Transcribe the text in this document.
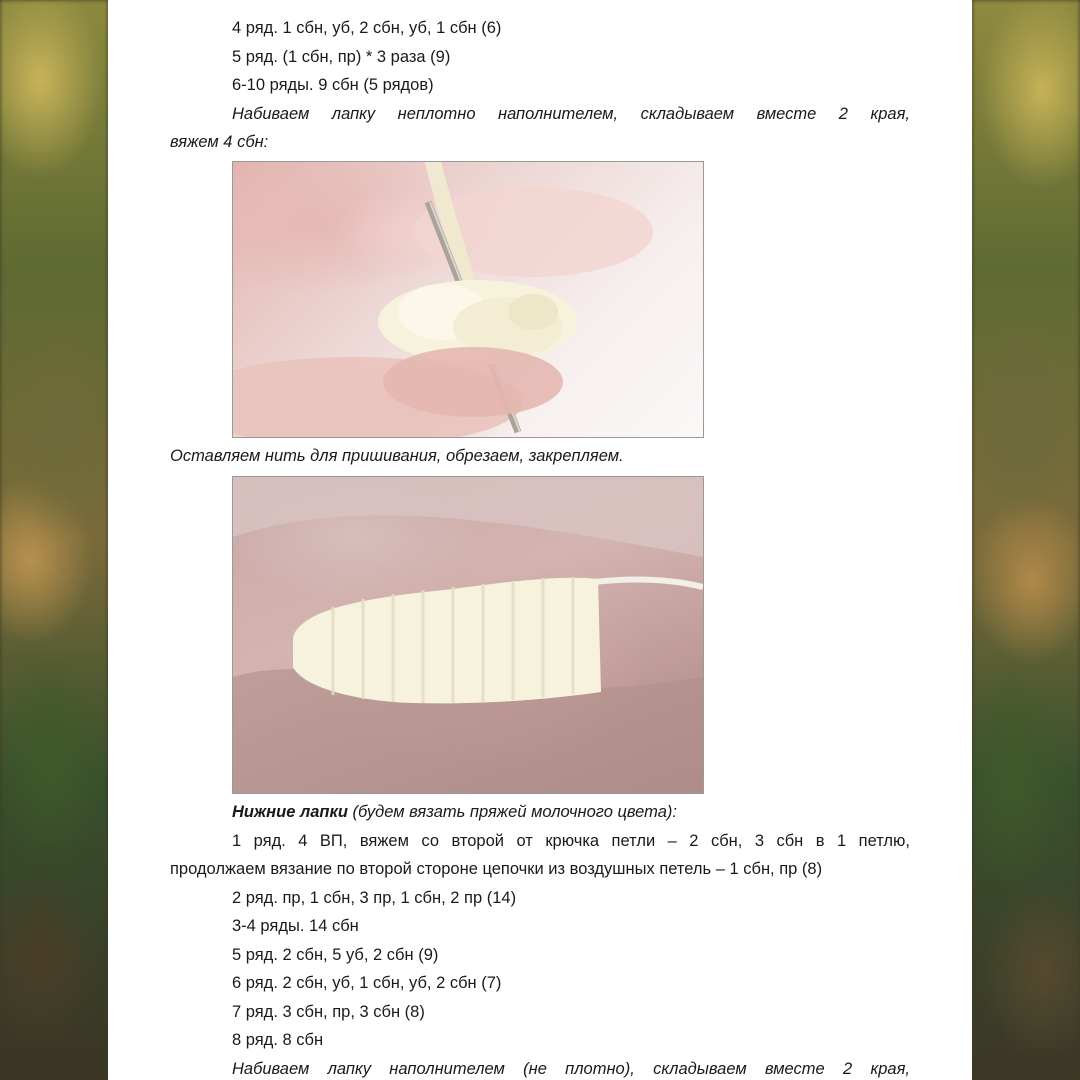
4 ряд. 1 сбн, уб, 2 сбн, уб, 1 сбн (6)
5 ряд. (1 сбн, пр) * 3 раза (9)
6-10 ряды. 9 сбн (5 рядов)
Набиваем лапку неплотно наполнителем, складываем вместе 2 края,
вяжем 4 сбн:
Оставляем нить для пришивания, обрезаем, закрепляем.
Нижние лапки (будем вязать пряжей молочного цвета):
1 ряд. 4 ВП, вяжем со второй от крючка петли – 2 сбн, 3 сбн в 1 петлю,
продолжаем вязание по второй стороне цепочки из воздушных петель – 1 сбн, пр (8)
2 ряд. пр, 1 сбн, 3 пр, 1 сбн, 2 пр (14)
3-4 ряды. 14 сбн
5 ряд. 2 сбн, 5 уб, 2 сбн (9)
6 ряд. 2 сбн, уб, 1 сбн, уб, 2 сбн (7)
7 ряд. 3 сбн, пр, 3 сбн (8)
8 ряд. 8 сбн
Набиваем лапку наполнителем (не плотно), складываем вместе 2 края,
